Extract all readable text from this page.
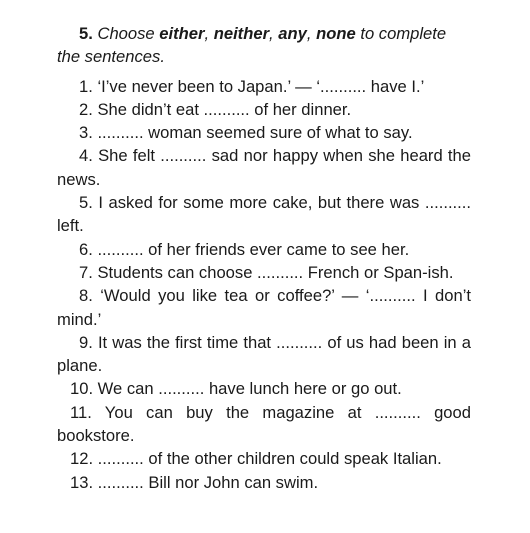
5. Choose either, neither, any, none to complete the sentences.

1. ‘I’ve never been to Japan.’ — ‘.......... have I.’

2. She didn’t eat .......... of her dinner.

3. .......... woman seemed sure of what to say.

4. She felt .......... sad nor happy when she heard the news.

5. I asked for some more cake, but there was .......... left.

6. .......... of her friends ever came to see her.

7. Students can choose .......... French or Span-ish.

8. ‘Would you like tea or coffee?’ — ‘.......... I don’t mind.’

9. It was the first time that .......... of us had been in a plane.

10. We can .......... have lunch here or go out.

11. You can buy the magazine at .......... good bookstore.

12. .......... of the other children could speak Italian.

13. .......... Bill nor John can swim.
